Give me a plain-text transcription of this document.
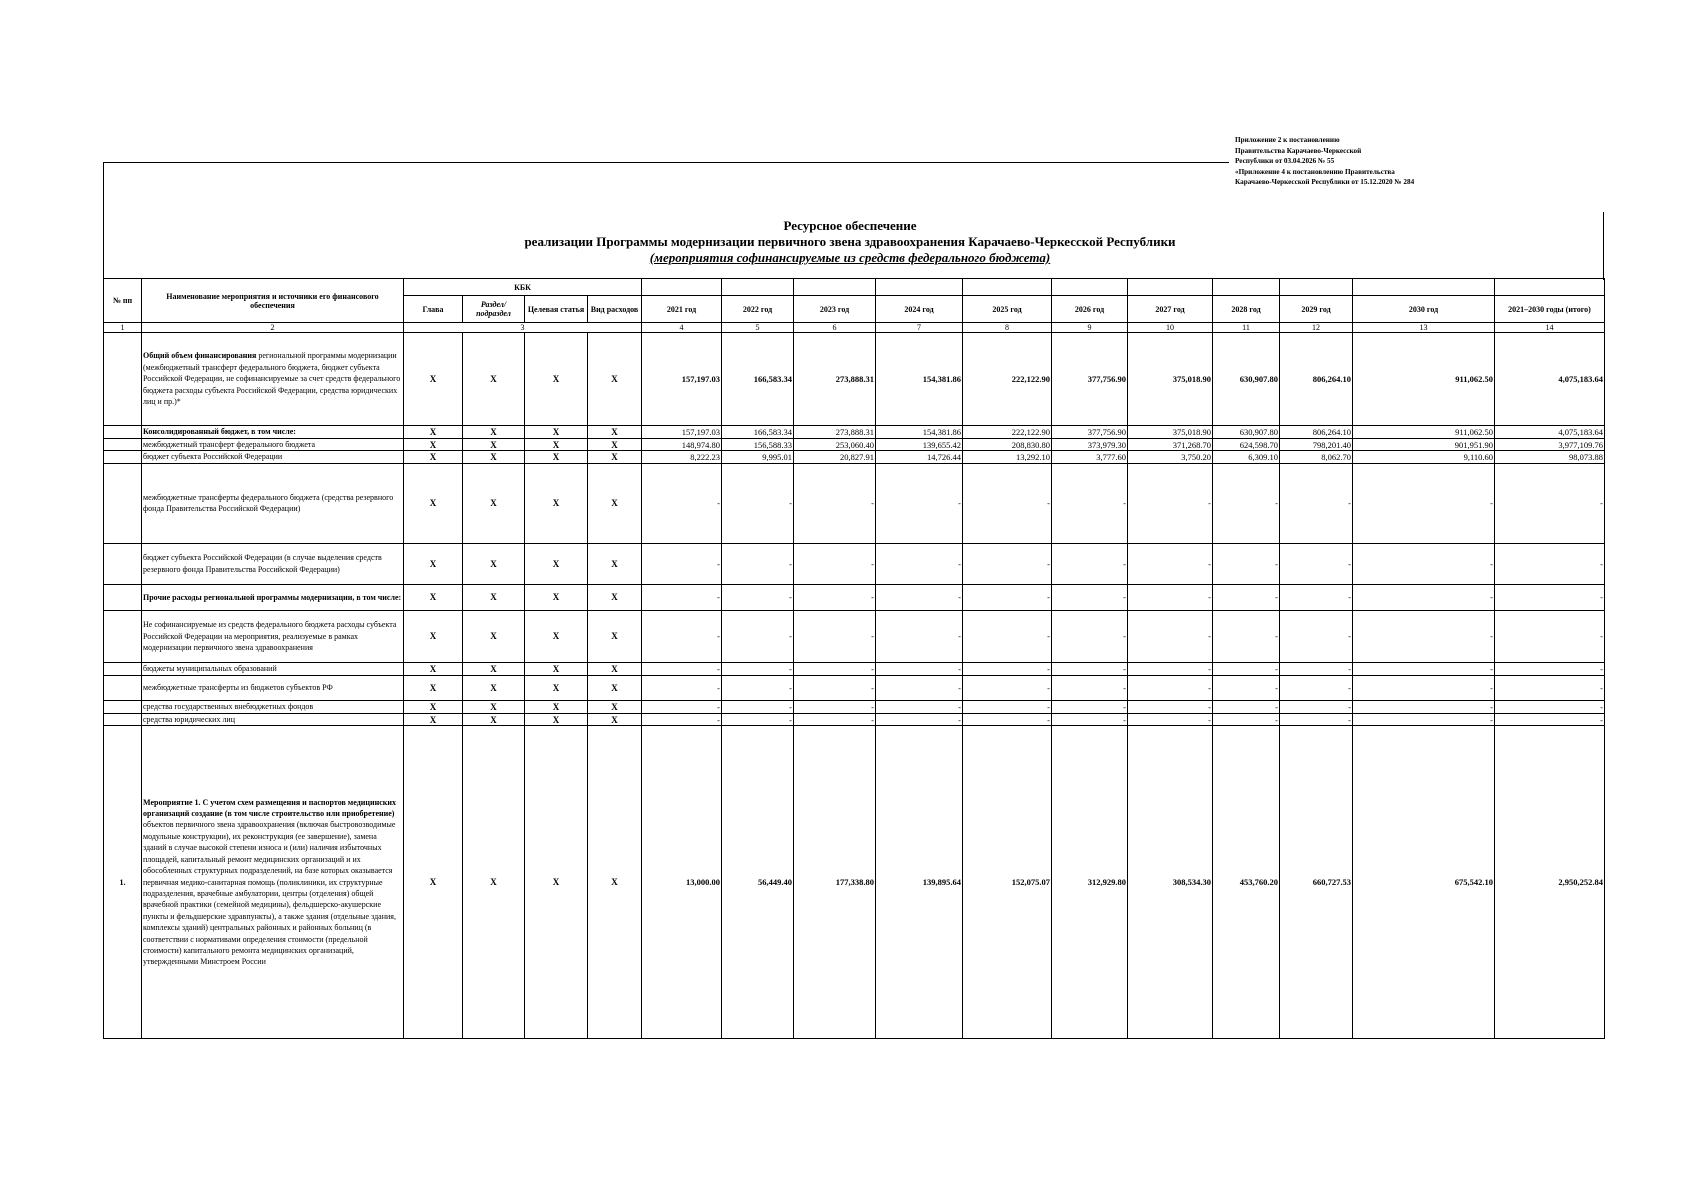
Приложение 2 к постановлению
Правительства Карачаево-Черкесской
Республики от 03.04.2026 № 55
«Приложение 4 к постановлению Правительства
Карачаево-Черкесской Республики от 15.12.2020 № 284
Ресурсное обеспечение
реализации Программы модернизации первичного звена здравоохранения Карачаево-Черкесской Республики
(мероприятия софинансируемые из средств федерального бюджета)
№ пп	Наименование мероприятия и источники его финансового обеспечения	КБК														
		Глава	Раздел/ подраздел	Целевая статья	Вид расходов	2021 год	2022 год	2023 год	2024 год	2025 год	2026 год	2027 год	2028 год	2029 год	2030 год	2021–2030 годы (итого)
1	2	3				4	5	6	7	8	9	10	11	12	13	14
	Общий объем финансирования региональной программы модернизации (межбюджетный трансферт федерального бюджета, бюджет субъекта Российской Федерации, не софинансируемые за счет средств федерального бюджета расходы субъекта Российской Федерации, средства юридических лиц и пр.)*	X	X	X	X	157,197.03	166,583.34	273,888.31	154,381.86	222,122.90	377,756.90	375,018.90	630,907.80	806,264.10	911,062.50	4,075,183.64
	Консолидированный бюджет, в том числе:	X	X	X	X	157,197.03	166,583.34	273,888.31	154,381.86	222,122.90	377,756.90	375,018.90	630,907.80	806,264.10	911,062.50	4,075,183.64
	межбюджетный трансферт федерального бюджета	X	X	X	X	148,974.80	156,588.33	253,060.40	139,655.42	208,830.80	373,979.30	371,268.70	624,598.70	798,201.40	901,951.90	3,977,109.76
	бюджет субъекта Российской Федерации	X	X	X	X	8,222.23	9,995.01	20,827.91	14,726.44	13,292.10	3,777.60	3,750.20	6,309.10	8,062.70	9,110.60	98,073.88
	межбюджетные трансферты федерального бюджета (средства резервного фонда Правительства Российской Федерации)	X	X	X	X	-	-	-	-	-	-	-	-	-	-	-
	бюджет субъекта Российской Федерации (в случае выделения средств резервного фонда Правительства Российской Федерации)	X	X	X	X	-	-	-	-	-	-	-	-	-	-	-
	Прочие расходы региональной программы модернизации, в том числе:	X	X	X	X	-	-	-	-	-	-	-	-	-	-	-
	Не софинансируемые из средств федерального бюджета расходы субъекта Российской Федерации на мероприятия, реализуемые в рамках модернизации первичного звена здравоохранения	X	X	X	X	-	-	-	-	-	-	-	-	-	-	-
	бюджеты муниципальных образований	X	X	X	X	-	-	-	-	-	-	-	-	-	-	-
	межбюджетные трансферты из бюджетов субъектов РФ	X	X	X	X	-	-	-	-	-	-	-	-	-	-	-
	средства государственных внебюджетных фондов	X	X	X	X	-	-	-	-	-	-	-	-	-	-	-
	средства юридических лиц	X	X	X	X	-	-	-	-	-	-	-	-	-	-	-
1.	Мероприятие 1. С учетом схем размещения и паспортов медицинских организаций создание (в том числе строительство или приобретение) объектов первичного звена здравоохранения (включая быстровозводимые модульные конструкции), их реконструкция (ее завершение), замена зданий в случае высокой степени износа и (или) наличия избыточных площадей, капитальный ремонт медицинских организаций и их обособленных структурных подразделений, на базе которых оказывается первичная медико-санитарная помощь (поликлиники, их структурные подразделения, врачебные амбулатории, центры (отделения) общей врачебной практики (семейной медицины), фельдшерско-акушерские пункты и фельдшерские здравпункты), а также здания (отдельные здания, комплексы зданий) центральных районных и районных больниц (в соответствии с нормативами определения стоимости (предельной стоимости) капитального ремонта медицинских организаций, утвержденными Минстроем России	X	X	X	X	13,000.00	56,449.40	177,338.80	139,895.64	152,075.07	312,929.80	308,534.30	453,760.20	660,727.53	675,542.10	2,950,252.84
